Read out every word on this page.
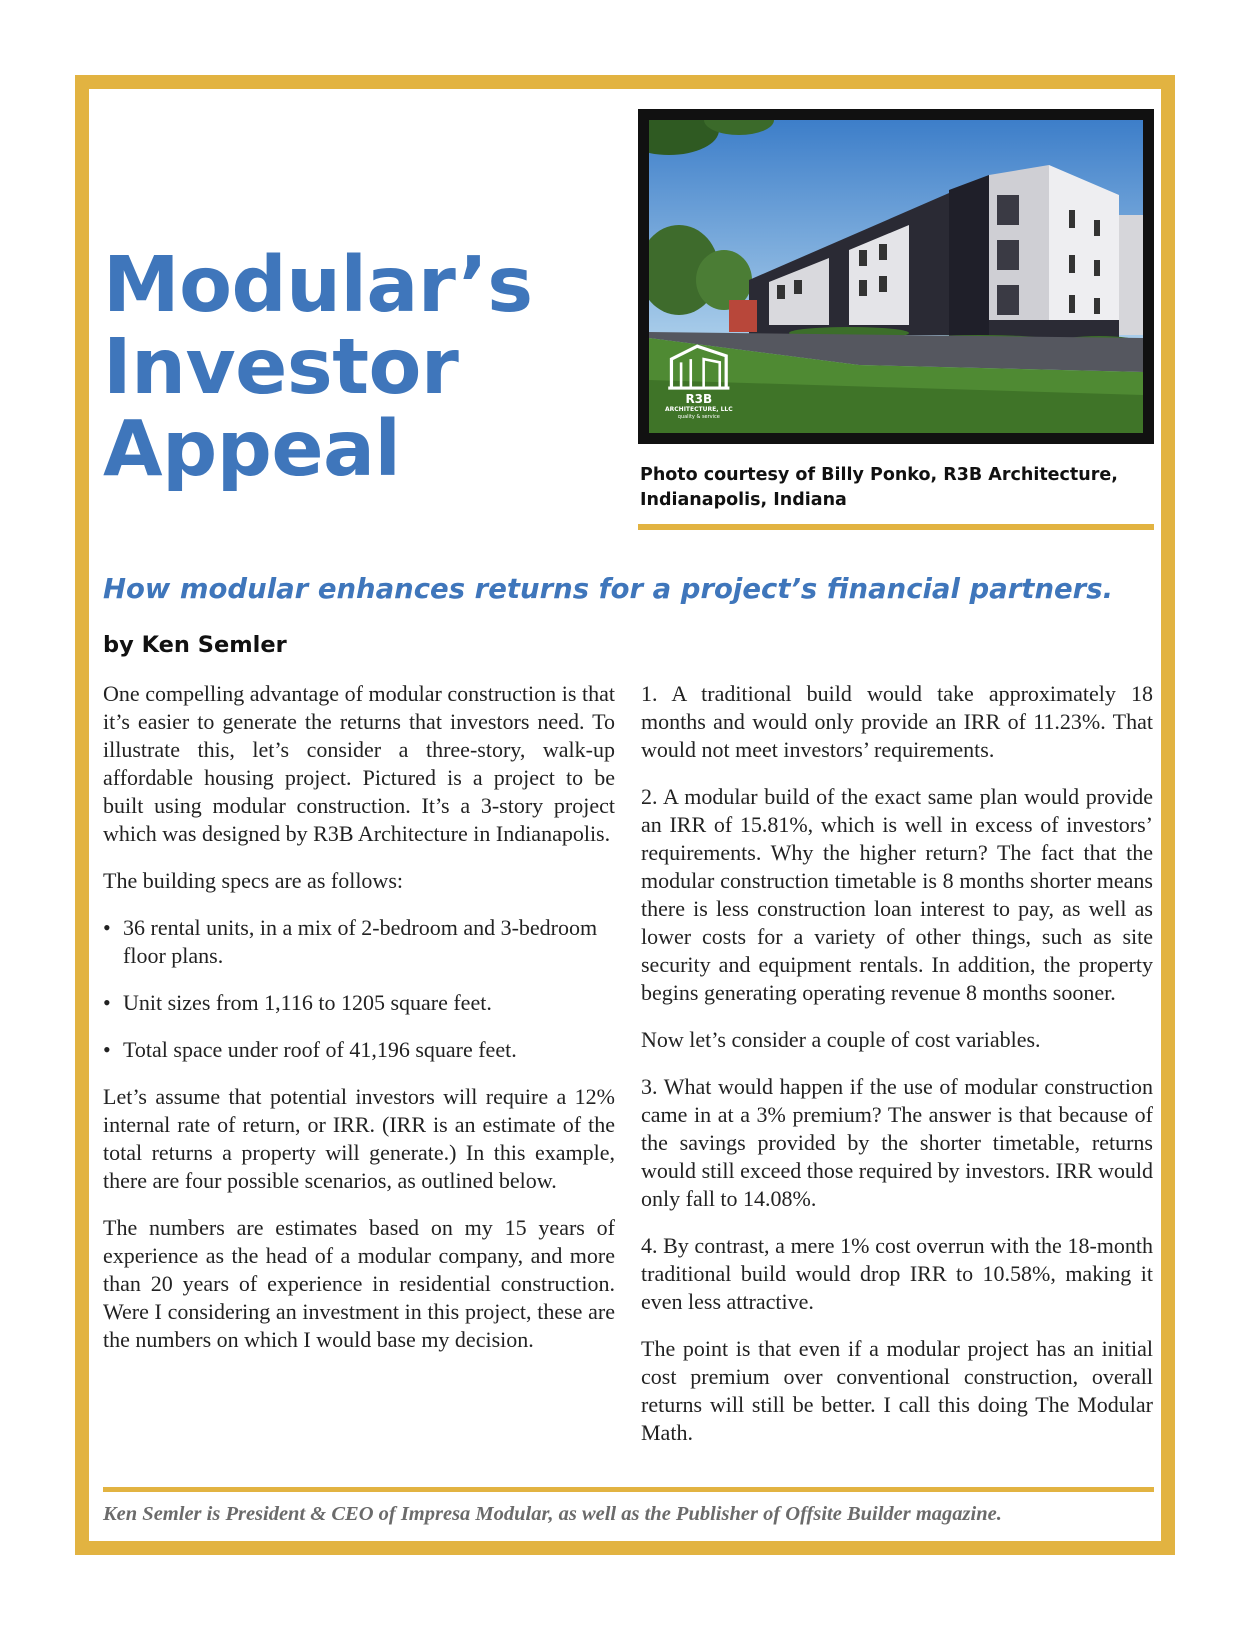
Modular’s
Investor
Appeal
R3B
ARCHITECTURE, LLC
quality & service

Photo courtesy of Billy Ponko, R3B Architecture, Indianapolis, Indiana

How modular enhances returns for a project’s financial partners.

by Ken Semler

One compelling advantage of modular construction is that it’s easier to generate the returns that investors need. To illustrate this, let’s consider a three-story, walk-up affordable housing project. Pictured is a project to be built using modular construction. It’s a 3-story project which was designed by R3B Architecture in Indianapolis.

The building specs are as follows:

• 36 rental units, in a mix of 2-bedroom and 3-bedroom floor plans.
• Unit sizes from 1,116 to 1205 square feet.
• Total space under roof of 41,196 square feet.

Let’s assume that potential investors will require a 12% internal rate of return, or IRR. (IRR is an estimate of the total returns a property will generate.) In this example, there are four possible scenarios, as outlined below.

The numbers are estimates based on my 15 years of experience as the head of a modular company, and more than 20 years of experience in residential construction. Were I considering an investment in this project, these are the numbers on which I would base my decision.

1. A traditional build would take approximately 18 months and would only provide an IRR of 11.23%. That would not meet investors’ requirements.

2. A modular build of the exact same plan would provide an IRR of 15.81%, which is well in excess of investors’ requirements. Why the higher return? The fact that the modular construction timetable is 8 months shorter means there is less construction loan interest to pay, as well as lower costs for a variety of other things, such as site security and equipment rentals. In addition, the property begins generating operating revenue 8 months sooner.

Now let’s consider a couple of cost variables.

3. What would happen if the use of modular construction came in at a 3% premium? The answer is that because of the savings provided by the shorter timetable, returns would still exceed those required by investors. IRR would only fall to 14.08%.

4. By contrast, a mere 1% cost overrun with the 18-month traditional build would drop IRR to 10.58%, making it even less attractive.

The point is that even if a modular project has an initial cost premium over conventional construction, overall returns will still be better. I call this doing The Modular Math.

Ken Semler is President & CEO of Impresa Modular, as well as the Publisher of Offsite Builder magazine.
